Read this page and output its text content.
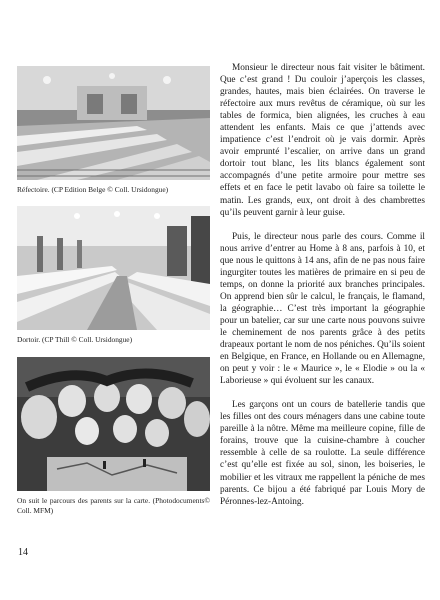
Réfectoire. (CP Edition Belge © Coll. Ursidongue)
Dortoir. (CP Thill © Coll. Ursidongue)
On suit le parcours des parents sur la carte. (Photodocuments© Coll. MFM)

Monsieur le directeur nous fait visiter le bâtiment. Que c’est grand ! Du couloir j’aperçois les classes, grandes, hautes, mais bien éclairées. On traverse le réfectoire aux murs revêtus de céramique, où sur les tables de formica, bien alignées, les cruches à eau attendent les enfants. Mais ce que j’attends avec impatience c’est l’endroit où je vais dormir. Après avoir emprunté l’escalier, on arrive dans un grand dortoir tout blanc, les lits blancs également sont accompagnés d’une petite armoire pour mettre ses effets et en face le petit lavabo où faire sa toilette le matin. Les grands, eux, ont droit à des chambrettes qu’ils peuvent garnir à leur guise.

Puis, le directeur nous parle des cours. Comme il nous arrive d’entrer au Home à 8 ans, parfois à 10, et que nous le quittons à 14 ans, afin de ne pas nous faire ingurgiter toutes les matières de primaire en si peu de temps, on donne la priorité aux branches principales. On apprend bien sûr le calcul, le français, le flamand, la géographie… C’est très important la géographie pour un batelier, car sur une carte nous pouvons suivre le cheminement de nos parents grâce à des petits drapeaux portant le nom de nos péniches. Qu’ils soient en Belgique, en France, en Hollande ou en Allemagne, on peut y voir : le « Maurice », le « Elodie » ou la « Laborieuse » qui évoluent sur les canaux.

Les garçons ont un cours de batellerie tandis que les filles ont des cours ménagers dans une cabine toute pareille à la nôtre. Même ma meilleure copine, fille de forains, trouve que la cuisine-chambre à coucher ressemble à celle de sa roulotte. La seule différence c’est qu’elle est fixée au sol, sinon, les boiseries, le mobilier et les vitraux me rappellent la péniche de mes parents. Ce bijou a été fabriqué par Louis Mory de Péronnes-lez-Antoing.

14
